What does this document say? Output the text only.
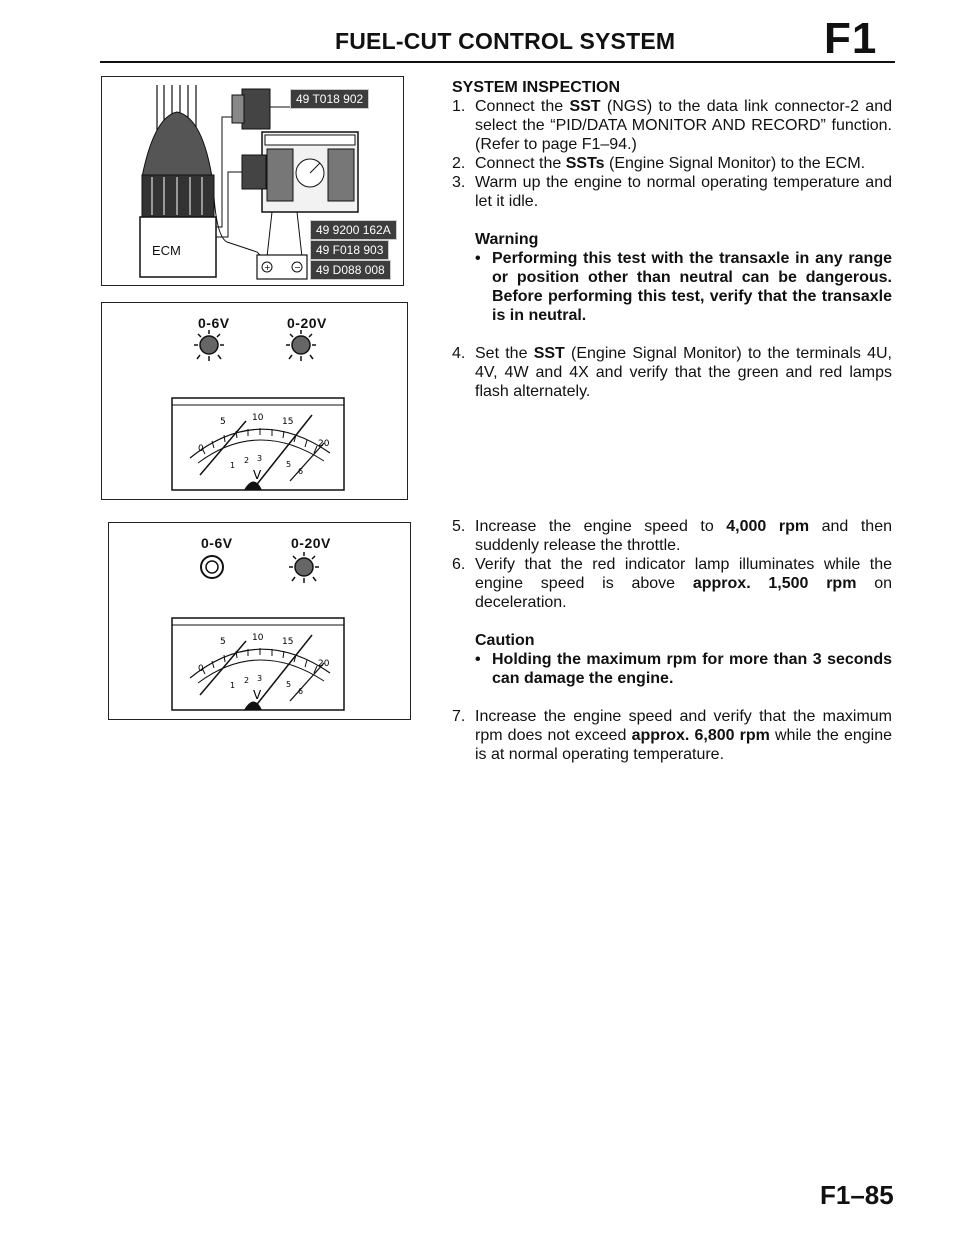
FUEL-CUT CONTROL SYSTEM	F1
+	−
ECM
49 T018 902
49 9200 162A
49 F018 903
49 D088 008
0-6V	0-20V
0
5	10 15
20
1
2 3
5
6
V
0-6V	0-20V
0
5	10 15
20
1
2 3
5
6
V
SYSTEM INSPECTION
1. Connect the SST (NGS) to the data link connector-2 and select the “PID/DATA MONITOR AND RECORD” function. (Refer to page F1–94.)
2. Connect the SSTs (Engine Signal Monitor) to the ECM.
3. Warm up the engine to normal operating temperature and let it idle.
Warning
• Performing this test with the transaxle in any range or position other than neutral can be dangerous. Before performing this test, verify that the transaxle is in neutral.
4. Set the SST (Engine Signal Monitor) to the terminals 4U, 4V, 4W and 4X and verify that the green and red lamps flash alternately.
5. Increase the engine speed to 4,000 rpm and then suddenly release the throttle.
6. Verify that the red indicator lamp illuminates while the engine speed is above approx. 1,500 rpm on deceleration.
Caution
• Holding the maximum rpm for more than 3 seconds can damage the engine.
7. Increase the engine speed and verify that the maximum rpm does not exceed approx. 6,800 rpm while the engine is at normal operating temperature.
F1–85
